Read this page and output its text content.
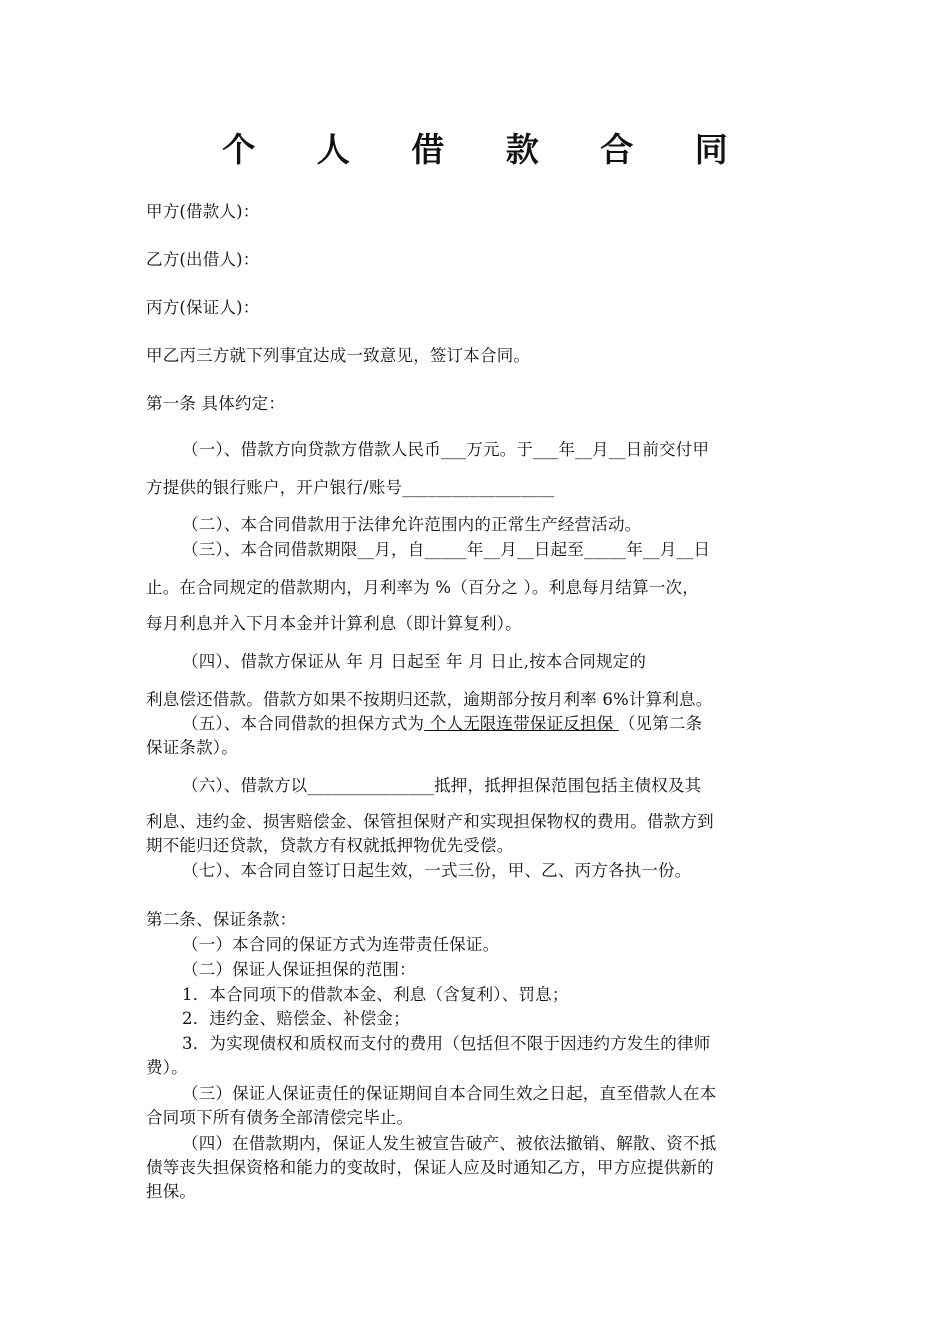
个 人 借 款 合 同
甲方(借款人)：
乙方(出借人)：
丙方(保证人)：
甲乙丙三方就下列事宜达成一致意见，签订本合同。
第一条 具体约定：
（一）、借款方向贷款方借款人民币___万元。于___年__月__日前交付甲
方提供的银行账户，开户银行/账号__________________
（二）、本合同借款用于法律允许范围内的正常生产经营活动。
（三）、本合同借款期限__月，自_____年__月__日起至_____年__月__日
止。在合同规定的借款期内，月利率为 %（百分之 ）。利息每月结算一次，
每月利息并入下月本金并计算利息（即计算复利）。
（四）、借款方保证从 年 月 日起至 年 月 日止,按本合同规定的
利息偿还借款。借款方如果不按期归还款，逾期部分按月利率 6%计算利息。
（五）、本合同借款的担保方式为 个人无限连带保证反担保 （见第二条
保证条款）。
（六）、借款方以_______________抵押，抵押担保范围包括主债权及其
利息、违约金、损害赔偿金、保管担保财产和实现担保物权的费用。借款方到
期不能归还贷款，贷款方有权就抵押物优先受偿。
（七）、本合同自签订日起生效，一式三份，甲、乙、丙方各执一份。
第二条、保证条款：
（一）本合同的保证方式为连带责任保证。
（二）保证人保证担保的范围：
1．本合同项下的借款本金、利息（含复利）、罚息；
2．违约金、赔偿金、补偿金；
3．为实现债权和质权而支付的费用（包括但不限于因违约方发生的律师
费）。
（三）保证人保证责任的保证期间自本合同生效之日起，直至借款人在本
合同项下所有债务全部清偿完毕止。
（四）在借款期内，保证人发生被宣告破产、被依法撤销、解散、资不抵
债等丧失担保资格和能力的变故时，保证人应及时通知乙方，甲方应提供新的
担保。
